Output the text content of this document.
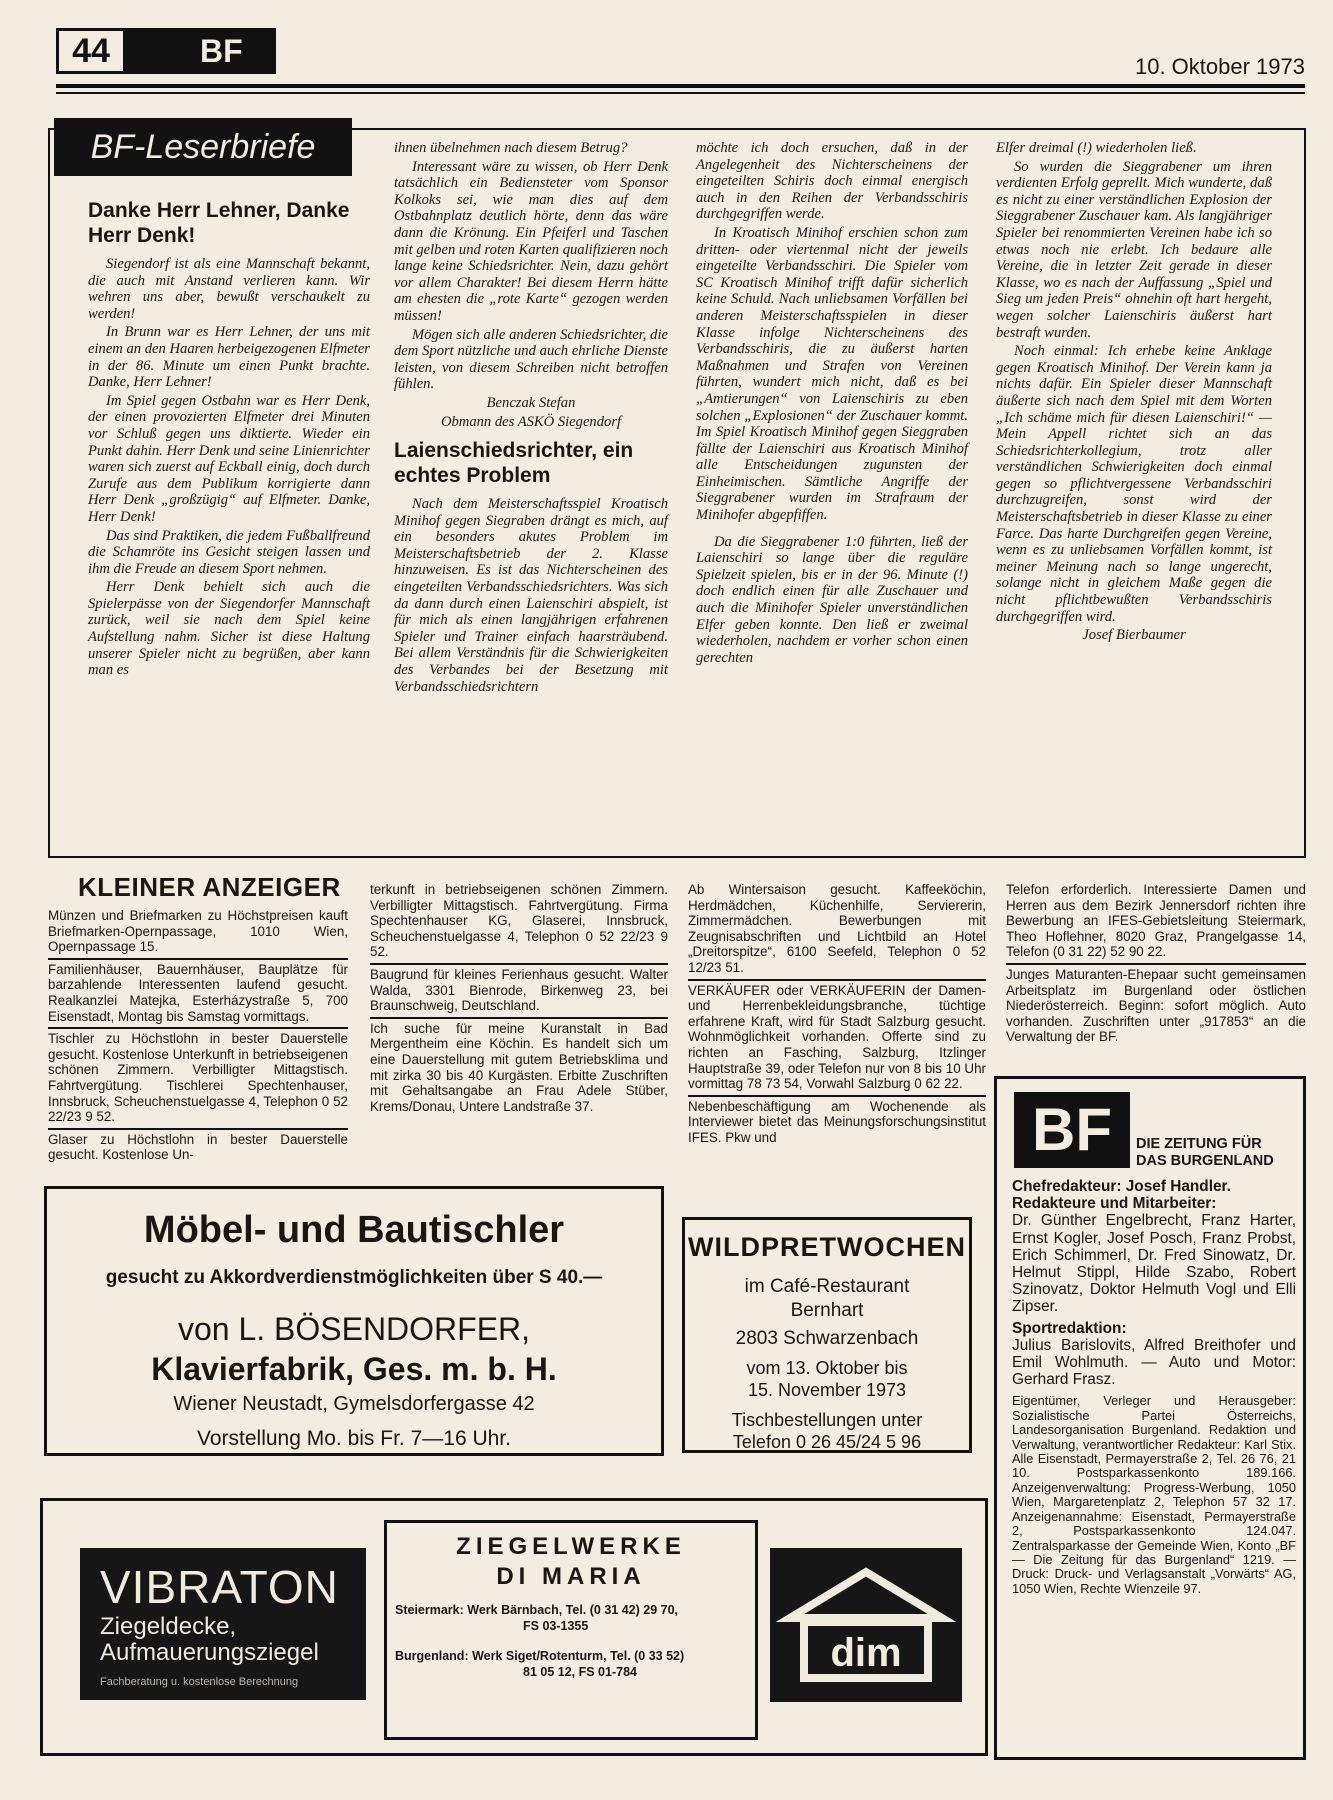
44	BF	10. Oktober 1973
BF-Leserbriefe
Danke Herr Lehner, Danke Herr Denk!

Siegendorf ist als eine Mannschaft bekannt, die auch mit Anstand verlieren kann. Wir wehren uns aber, bewußt verschaukelt zu werden!

In Brunn war es Herr Lehner, der uns mit einem an den Haaren herbeigezogenen Elfmeter in der 86. Minute um einen Punkt brachte. Danke, Herr Lehner!

Im Spiel gegen Ostbahn war es Herr Denk, der einen provozierten Elfmeter drei Minuten vor Schluß gegen uns diktierte. Wieder ein Punkt dahin. Herr Denk und seine Linienrichter waren sich zuerst auf Eckball einig, doch durch Zurufe aus dem Publikum korrigierte dann Herr Denk „großzügig“ auf Elfmeter. Danke, Herr Denk!

Das sind Praktiken, die jedem Fußballfreund die Schamröte ins Gesicht steigen lassen und ihm die Freude an diesem Sport nehmen.

Herr Denk behielt sich auch die Spielerpässe von der Siegendorfer Mannschaft zurück, weil sie nach dem Spiel keine Aufstellung nahm. Sicher ist diese Haltung unserer Spieler nicht zu begrüßen, aber kann man es

ihnen übelnehmen nach diesem Betrug?

Interessant wäre zu wissen, ob Herr Denk tatsächlich ein Bediensteter vom Sponsor Kolkoks sei, wie man dies auf dem Ostbahnplatz deutlich hörte, denn das wäre dann die Krönung. Ein Pfeiferl und Taschen mit gelben und roten Karten qualifizieren noch lange keine Schiedsrichter. Nein, dazu gehört vor allem Charakter! Bei diesem Herrn hätte am ehesten die „rote Karte“ gezogen werden müssen!

Mögen sich alle anderen Schiedsrichter, die dem Sport nützliche und auch ehrliche Dienste leisten, von diesem Schreiben nicht betroffen fühlen.

Benczak Stefan

Obmann des ASKÖ Siegendorf

Laienschiedsrichter, ein echtes Problem

Nach dem Meisterschaftsspiel Kroatisch Minihof gegen Siegraben drängt es mich, auf ein besonders akutes Problem im Meisterschaftsbetrieb der 2. Klasse hinzuweisen. Es ist das Nichterscheinen des eingeteilten Verbandsschiedsrichters. Was sich da dann durch einen Laienschiri abspielt, ist für mich als einen langjährigen erfahrenen Spieler und Trainer einfach haarsträubend. Bei allem Verständnis für die Schwierigkeiten des Verbandes bei der Besetzung mit Verbandsschiedsrichtern

möchte ich doch ersuchen, daß in der Angelegenheit des Nichterscheinens der eingeteilten Schiris doch einmal energisch auch in den Reihen der Verbandsschiris durchgegriffen werde.

In Kroatisch Minihof erschien schon zum dritten- oder viertenmal nicht der jeweils eingeteilte Verbandsschiri. Die Spieler vom SC Kroatisch Minihof trifft dafür sicherlich keine Schuld. Nach unliebsamen Vorfällen bei anderen Meisterschaftsspielen in dieser Klasse infolge Nichterscheinens des Verbandsschiris, die zu äußerst harten Maßnahmen und Strafen von Vereinen führten, wundert mich nicht, daß es bei „Amtierungen“ von Laienschiris zu eben solchen „Explosionen“ der Zuschauer kommt. Im Spiel Kroatisch Minihof gegen Sieggraben fällte der Laienschiri aus Kroatisch Minihof alle Entscheidungen zugunsten der Einheimischen. Sämtliche Angriffe der Sieggrabener wurden im Strafraum der Minihofer abgepfiffen.

Da die Sieggrabener 1:0 führten, ließ der Laienschiri so lange über die reguläre Spielzeit spielen, bis er in der 96. Minute (!) doch endlich einen für alle Zuschauer und auch die Minihofer Spieler unverständlichen Elfer geben konnte. Den ließ er zweimal wiederholen, nachdem er vorher schon einen gerechten

Elfer dreimal (!) wiederholen ließ.

So wurden die Sieggrabener um ihren verdienten Erfolg geprellt. Mich wunderte, daß es nicht zu einer verständlichen Explosion der Sieggrabener Zuschauer kam. Als langjähriger Spieler bei renommierten Vereinen habe ich so etwas noch nie erlebt. Ich bedaure alle Vereine, die in letzter Zeit gerade in dieser Klasse, wo es nach der Auffassung „Spiel und Sieg um jeden Preis“ ohnehin oft hart hergeht, wegen solcher Laienschiris äußerst hart bestraft wurden.

Noch einmal: Ich erhebe keine Anklage gegen Kroatisch Minihof. Der Verein kann ja nichts dafür. Ein Spieler dieser Mannschaft äußerte sich nach dem Spiel mit dem Worten „Ich schäme mich für diesen Laienschiri!“ — Mein Appell richtet sich an das Schiedsrichterkollegium, trotz aller verständlichen Schwierigkeiten doch einmal gegen so pflichtvergessene Verbandsschiri durchzugreifen, sonst wird der Meisterschaftsbetrieb in dieser Klasse zu einer Farce. Das harte Durchgreifen gegen Vereine, wenn es zu unliebsamen Vorfällen kommt, ist meiner Meinung nach so lange ungerecht, solange nicht in gleichem Maße gegen die nicht pflichtbewußten Verbandsschiris durchgegriffen wird.

Josef Bierbaumer

KLEINER ANZEIGER

Münzen und Briefmarken zu Höchstpreisen kauft Briefmarken-Opernpassage, 1010 Wien, Opernpassage 15.

Familienhäuser, Bauernhäuser, Bauplätze für barzahlende Interessenten laufend gesucht. Realkanzlei Matejka, Esterházystraße 5, 700 Eisenstadt, Montag bis Samstag vormittags.

Tischler zu Höchstlohn in bester Dauerstelle gesucht. Kostenlose Unterkunft in betriebseigenen schönen Zimmern. Verbilligter Mittagstisch. Fahrtvergütung. Tischlerei Spechtenhauser, Innsbruck, Scheuchenstuelgasse 4, Telephon 0 52 22/23 9 52.

Glaser zu Höchstlohn in bester Dauerstelle gesucht. Kostenlose Un-

terkunft in betriebseigenen schönen Zimmern. Verbilligter Mittagstisch. Fahrtvergütung. Firma Spechtenhauser KG, Glaserei, Innsbruck, Scheuchenstuelgasse 4, Telephon 0 52 22/23 9 52.

Baugrund für kleines Ferienhaus gesucht. Walter Walda, 3301 Bienrode, Birkenweg 23, bei Braunschweig, Deutschland.

Ich suche für meine Kuranstalt in Bad Mergentheim eine Köchin. Es handelt sich um eine Dauerstellung mit gutem Betriebsklima und mit zirka 30 bis 40 Kurgästen. Erbitte Zuschriften mit Gehaltsangabe an Frau Adele Stüber, Krems/Donau, Untere Landstraße 37.

Ab Wintersaison gesucht. Kaffeeköchin, Herdmädchen, Küchenhilfe, Serviererin, Zimmermädchen. Bewerbungen mit Zeugnisabschriften und Lichtbild an Hotel „Dreitorspitze“, 6100 Seefeld, Telephon 0 52 12/23 51.

VERKÄUFER oder VERKÄUFERIN der Damen- und Herrenbekleidungsbranche, tüchtige erfahrene Kraft, wird für Stadt Salzburg gesucht. Wohnmöglichkeit vorhanden. Offerte sind zu richten an Fasching, Salzburg, Itzlinger Hauptstraße 39, oder Telefon nur von 8 bis 10 Uhr vormittag 78 73 54, Vorwahl Salzburg 0 62 22.

Nebenbeschäftigung am Wochenende als Interviewer bietet das Meinungsforschungsinstitut IFES. Pkw und

Telefon erforderlich. Interessierte Damen und Herren aus dem Bezirk Jennersdorf richten ihre Bewerbung an IFES-Gebietsleitung Steiermark, Theo Hoflehner, 8020 Graz, Prangelgasse 14, Telefon (0 31 22) 52 90 22.

Junges Maturanten-Ehepaar sucht gemeinsamen Arbeitsplatz im Burgenland oder östlichen Niederösterreich. Beginn: sofort möglich. Auto vorhanden. Zuschriften unter „917853“ an die Verwaltung der BF.

Möbel- und Bautischler
gesucht zu Akkordverdienstmöglichkeiten über S 40.—
von L. BÖSENDORFER,
Klavierfabrik, Ges. m. b. H.
Wiener Neustadt, Gymelsdorfergasse 42
Vorstellung Mo. bis Fr. 7—16 Uhr.
WILDPRETWOCHEN
im Café-Restaurant
Bernhart
2803 Schwarzenbach
vom 13. Oktober bis
15. November 1973
Tischbestellungen unter
Telefon 0 26 45/24 5 96
VIBRATON
Ziegeldecke,
Aufmauerungsziegel
Fachberatung u. kostenlose Berechnung
ZIEGELWERKE
DI MARIA
Steiermark: Werk Bärnbach, Tel. (0 31 42) 29 70,
FS 03-1355
Burgenland: Werk Siget/Rotenturm, Tel. (0 33 52)
81 05 12, FS 01-784	dim
BF	DIE ZEITUNG FÜR
DAS BURGENLAND

Chefredakteur: Josef Handler.

Redakteure und Mitarbeiter:

Dr. Günther Engelbrecht, Franz Harter, Ernst Kogler, Josef Posch, Franz Probst, Erich Schimmerl, Dr. Fred Sinowatz, Dr. Helmut Stippl, Hilde Szabo, Robert Szinovatz, Doktor Helmuth Vogl und Elli Zipser.

Sportredaktion:

Julius Barislovits, Alfred Breithofer und Emil Wohlmuth. — Auto und Motor: Gerhard Frasz.

Eigentümer, Verleger und Herausgeber: Sozialistische Partei Österreichs, Landesorganisation Burgenland. Redaktion und Verwaltung, verantwortlicher Redakteur: Karl Stix. Alle Eisenstadt, Permayerstraße 2, Tel. 26 76, 21 10. Postsparkassenkonto 189.166. Anzeigenverwaltung: Progress-Werbung, 1050 Wien, Margaretenplatz 2, Telephon 57 32 17. Anzeigenannahme: Eisenstadt, Permayerstraße 2, Postsparkassenkonto 124.047. Zentralsparkasse der Gemeinde Wien, Konto „BF — Die Zeitung für das Burgenland“ 1219. — Druck: Druck- und Verlagsanstalt „Vorwärts“ AG, 1050 Wien, Rechte Wienzeile 97.
